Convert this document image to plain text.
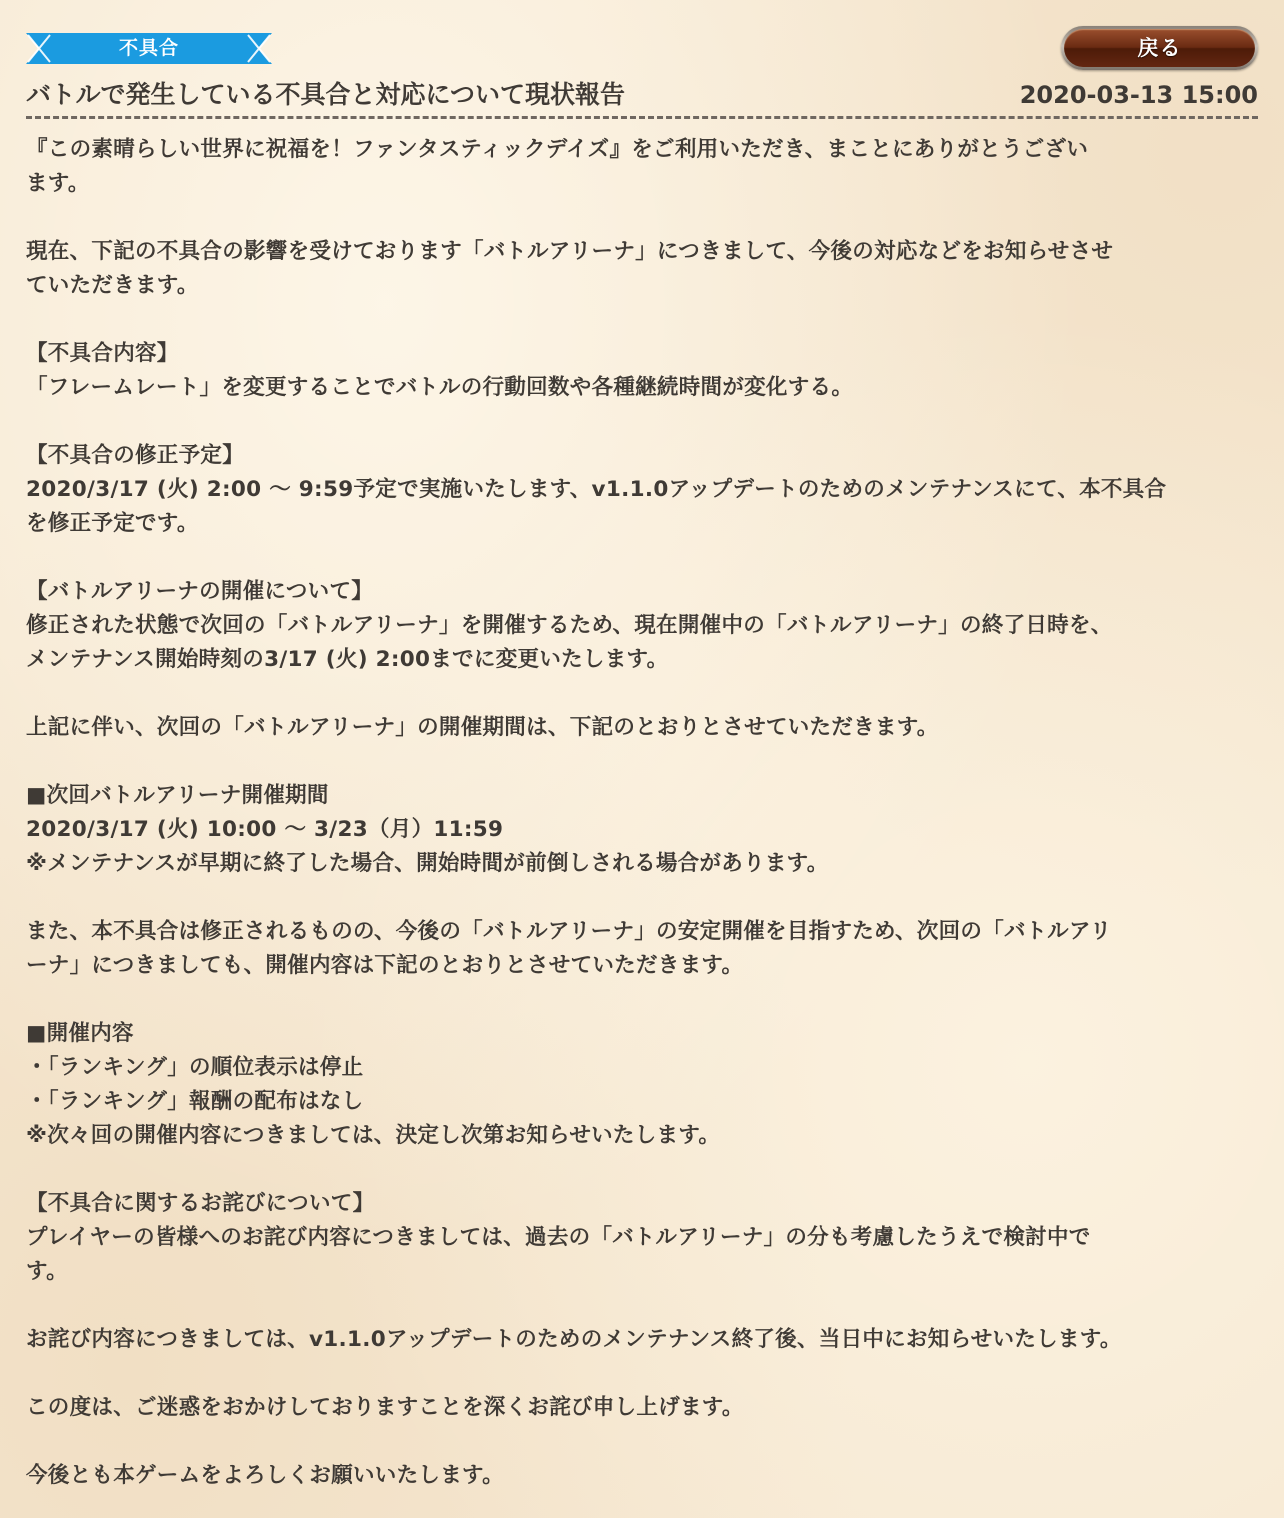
不具合	戻る
バトルで発生している不具合と対応について現状報告	2020-03-13 15:00
『この素晴らしい世界に祝福を！ファンタスティックデイズ』をご利用いただき、まことにありがとうござい
ます。
現在、下記の不具合の影響を受けております「バトルアリーナ」につきまして、今後の対応などをお知らせさせ
ていただきます。
【不具合内容】
「フレームレート」を変更することでバトルの行動回数や各種継続時間が変化する。
【不具合の修正予定】
2020/3/17 (火) 2:00 ～ 9:59予定で実施いたします、v1.1.0アップデートのためのメンテナンスにて、本不具合
を修正予定です。
【バトルアリーナの開催について】
修正された状態で次回の「バトルアリーナ」を開催するため、現在開催中の「バトルアリーナ」の終了日時を、
メンテナンス開始時刻の3/17 (火) 2:00までに変更いたします。
上記に伴い、次回の「バトルアリーナ」の開催期間は、下記のとおりとさせていただきます。
■次回バトルアリーナ開催期間
2020/3/17 (火) 10:00 ～ 3/23（月）11:59
※メンテナンスが早期に終了した場合、開始時間が前倒しされる場合があります。
また、本不具合は修正されるものの、今後の「バトルアリーナ」の安定開催を目指すため、次回の「バトルアリ
ーナ」につきましても、開催内容は下記のとおりとさせていただきます。
■開催内容
・「ランキング」の順位表示は停止
・「ランキング」報酬の配布はなし
※次々回の開催内容につきましては、決定し次第お知らせいたします。
【不具合に関するお詫びについて】
プレイヤーの皆様へのお詫び内容につきましては、過去の「バトルアリーナ」の分も考慮したうえで検討中で
す。
お詫び内容につきましては、v1.1.0アップデートのためのメンテナンス終了後、当日中にお知らせいたします。
この度は、ご迷惑をおかけしておりますことを深くお詫び申し上げます。
今後とも本ゲームをよろしくお願いいたします。
